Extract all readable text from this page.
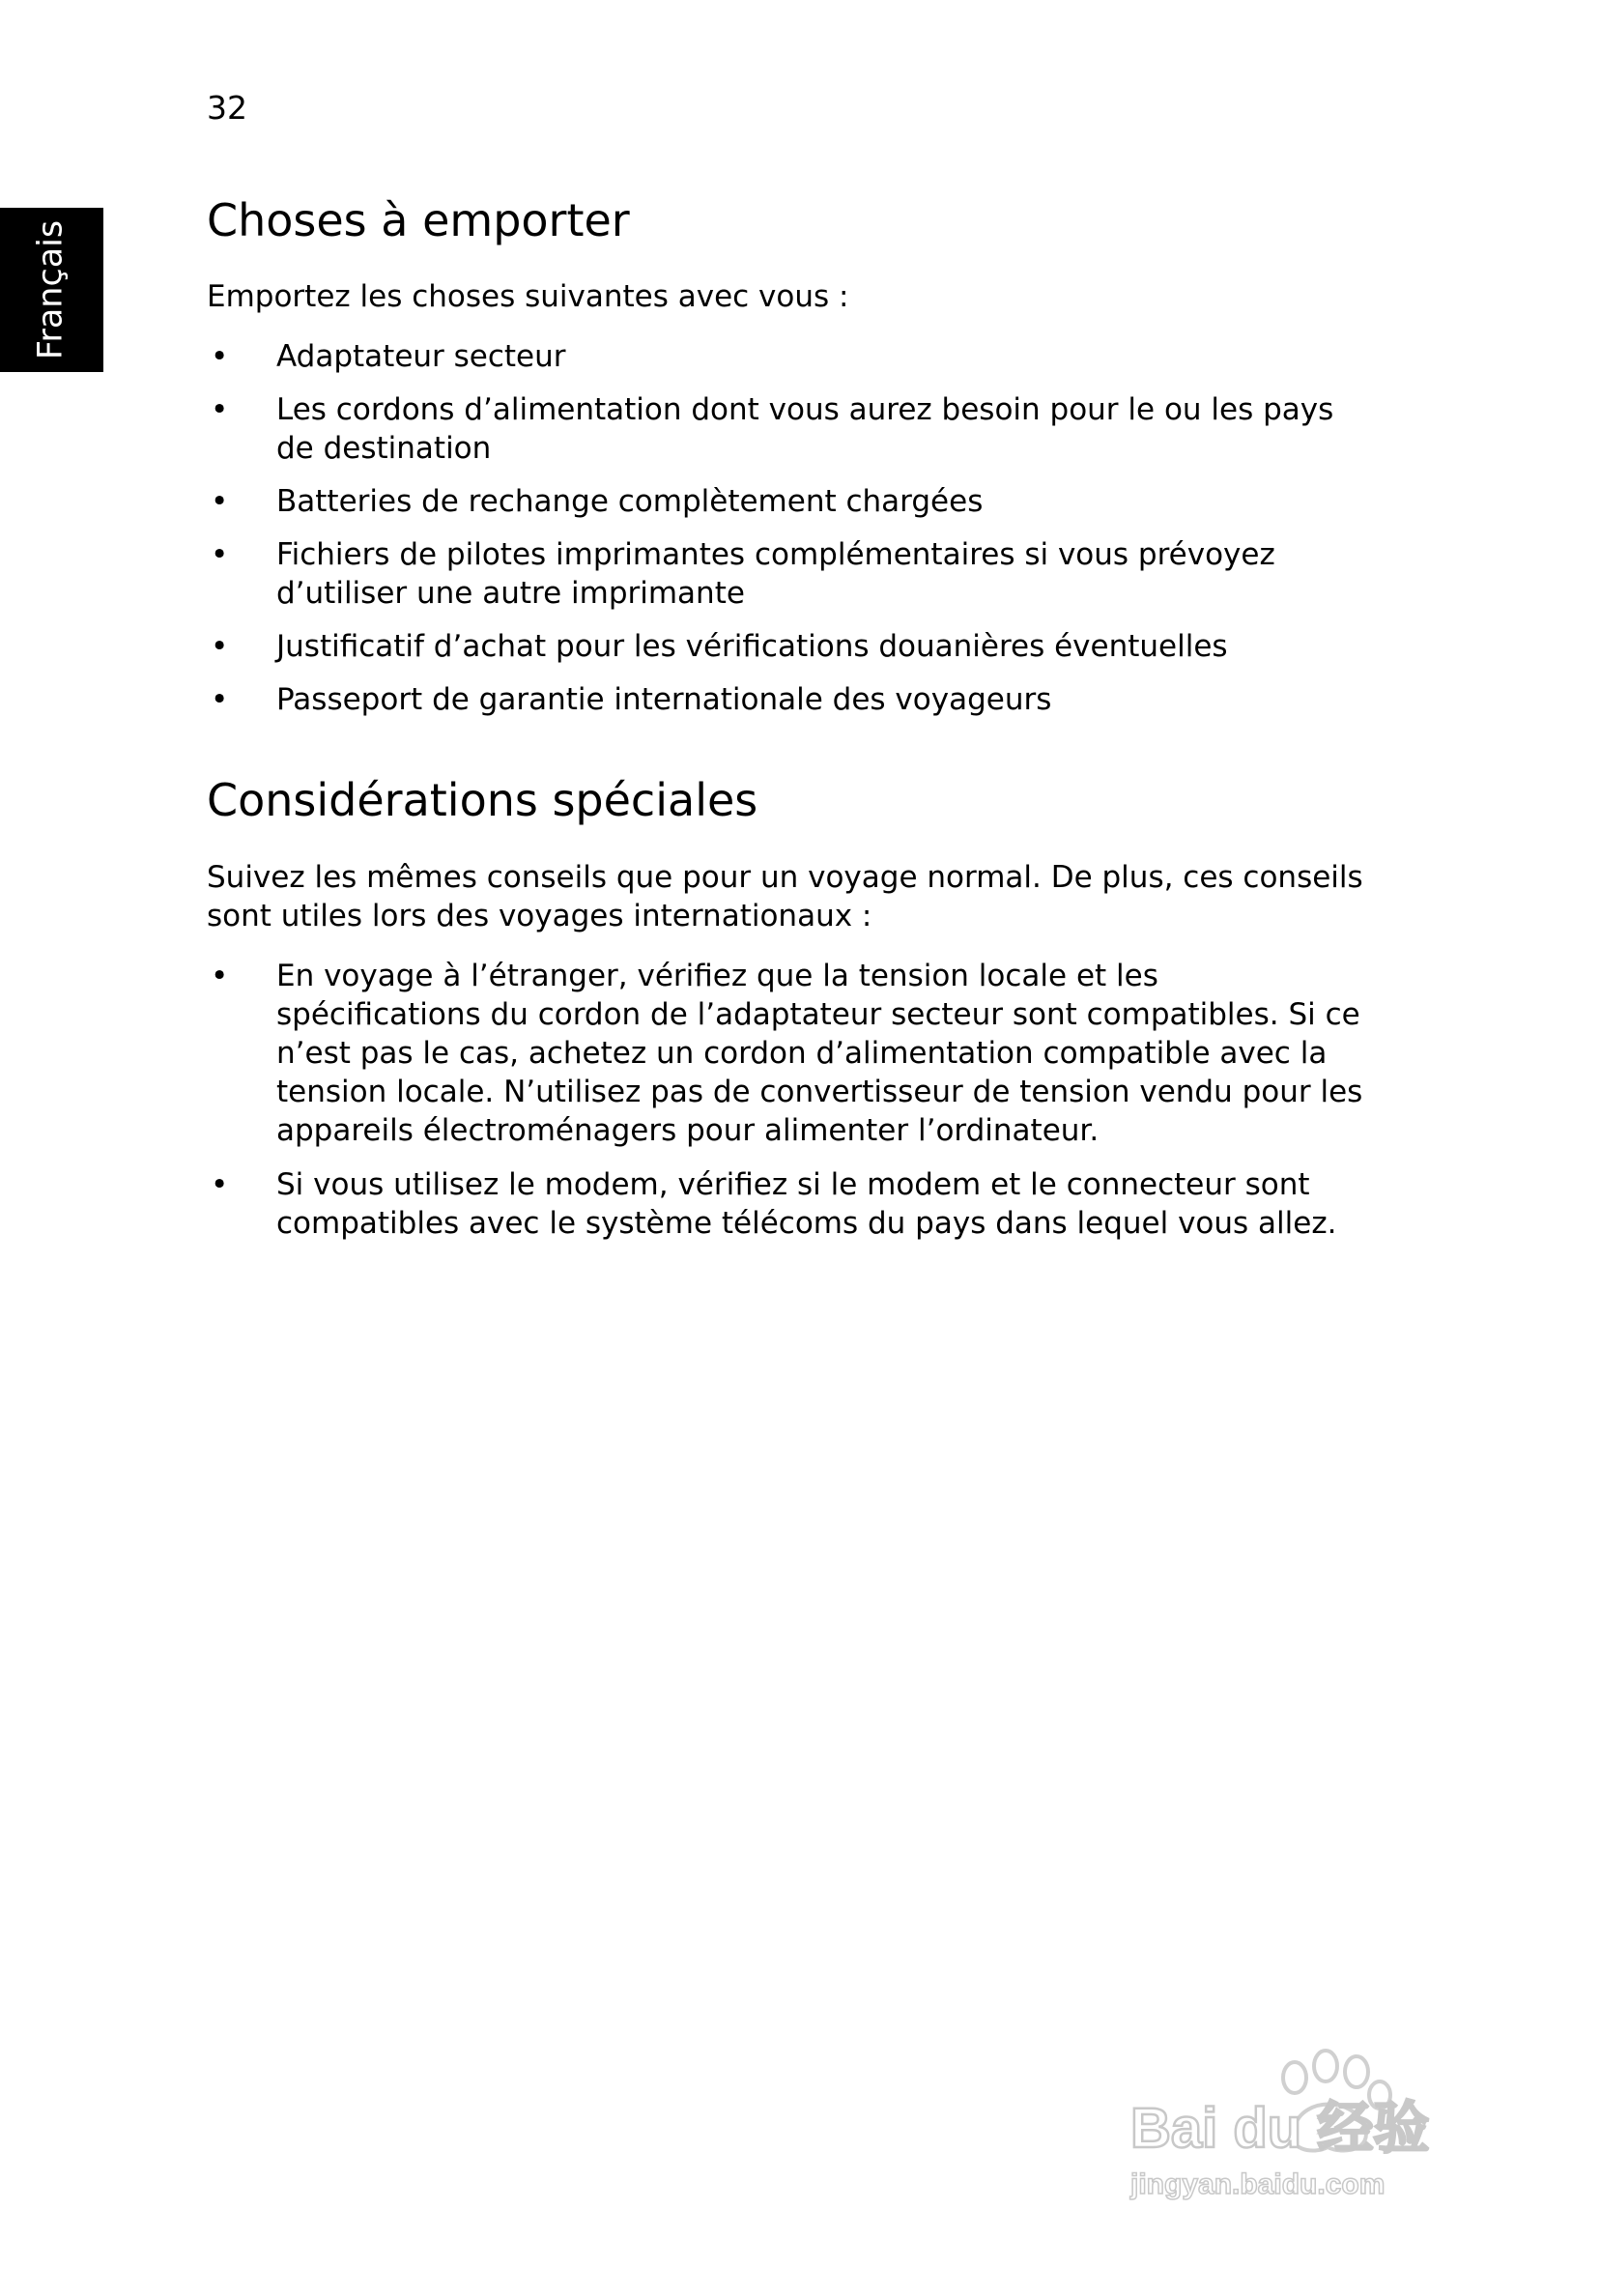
32
Français	Choses à emporter

Emportez les choses suivantes avec vous :

• Adaptateur secteur
• Les cordons d’alimentation dont vous aurez besoin pour le ou les pays de destination
• Batteries de rechange complètement chargées
• Fichiers de pilotes imprimantes complémentaires si vous prévoyez d’utiliser une autre imprimante
• Justificatif d’achat pour les vérifications douanières éventuelles
• Passeport de garantie internationale des voyageurs
Considérations spéciales

Suivez les mêmes conseils que pour un voyage normal. De plus, ces conseils sont utiles lors des voyages internationaux :

• En voyage à l’étranger, vérifiez que la tension locale et les spécifications du cordon de l’adaptateur secteur sont compatibles. Si ce n’est pas le cas, achetez un cordon d’alimentation compatible avec la tension locale. N’utilisez pas de convertisseur de tension vendu pour les appareils électroménagers pour alimenter l’ordinateur.
• Si vous utilisez le modem, vérifiez si le modem et le connecteur sont compatibles avec le système télécoms du pays dans lequel vous allez.
Bai du 经验
jingyan.baidu.com
